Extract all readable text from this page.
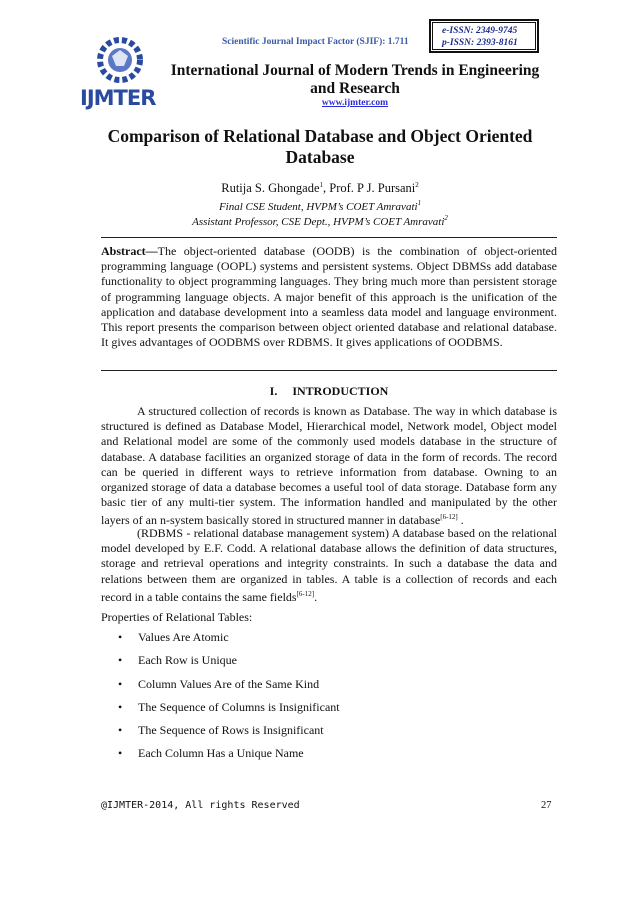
IJMTER
Scientific Journal Impact Factor (SJIF): 1.711
e-ISSN: 2349-9745
p-ISSN: 2393-8161
International Journal of Modern Trends in Engineering
and Research
www.ijmter.com
Comparison of Relational Database and Object Oriented
Database
Rutija S. Ghongade$^1$, Prof. P J. Pursani$^2$
Final CSE Student, HVPM’s COET Amravati$^1$
Assistant Professor, CSE Dept., HVPM’s COET Amravati$^2$
Abstract—The object-oriented database (OODB) is the combination of object-oriented programming language (OOPL) systems and persistent systems. Object DBMSs add database functionality to object programming languages. They bring much more than persistent storage of programming language objects. A major benefit of this approach is the unification of the application and database development into a seamless data model and language environment. This report presents the comparison between object oriented database and relational database. It gives advantages of OODBMS over RDBMS. It gives applications of OODBMS.
I. INTRODUCTION
A structured collection of records is known as Database. The way in which database is structured is defined as Database Model, Hierarchical model, Network model, Object model and Relational model are some of the commonly used models database in the structure of database. A database facilities an organized storage of data in the form of records. The record can be queried in different ways to retrieve information from database. Owning to an organized storage of data a database becomes a useful tool of data storage. Database form any basic tier of any multi-tier system. The information handled and manipulated by the other layers of an n-system basically stored in structured manner in database[6-12] .
(RDBMS - relational database management system) A database based on the relational model developed by E.F. Codd. A relational database allows the definition of data structures, storage and retrieval operations and integrity constraints. In such a database the data and relations between them are organized in tables. A table is a collection of records and each record in a table contains the same fields[6-12].
Properties of Relational Tables:
• Values Are Atomic
• Each Row is Unique
• Column Values Are of the Same Kind
• The Sequence of Columns is Insignificant
• The Sequence of Rows is Insignificant
• Each Column Has a Unique Name
@IJMTER-2014, All rights Reserved	27
